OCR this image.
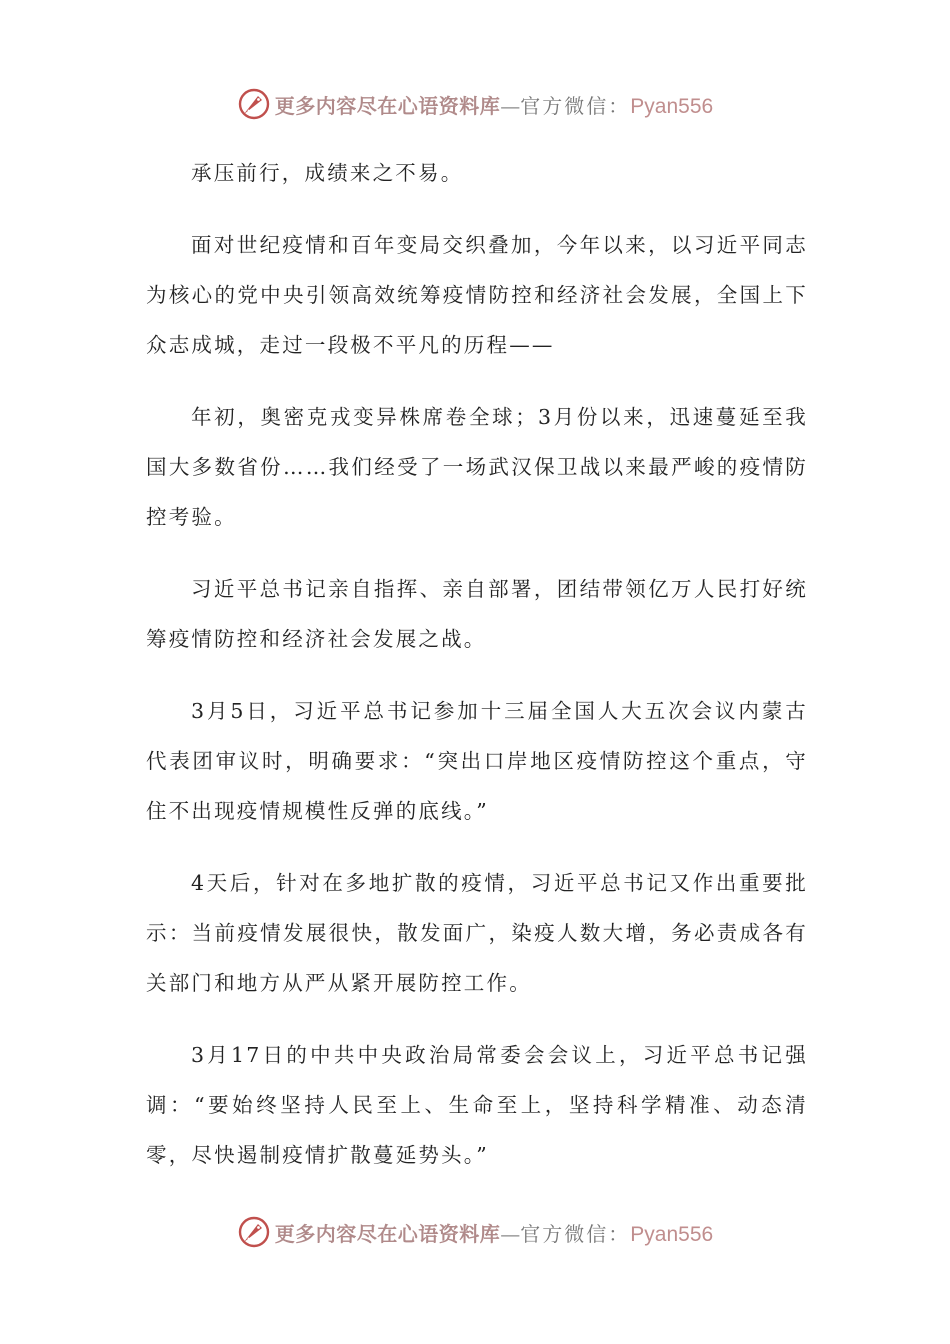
更多内容尽在心语资料库 — 官方微信： Pyan556

承压前行，成绩来之不易。

面对世纪疫情和百年变局交织叠加，今年以来，以习近平同志为核心的党中央引领高效统筹疫情防控和经济社会发展，全国上下众志成城，走过一段极不平凡的历程——

年初，奥密克戎变异株席卷全球；3月份以来，迅速蔓延至我国大多数省份……我们经受了一场武汉保卫战以来最严峻的疫情防控考验。

习近平总书记亲自指挥、亲自部署，团结带领亿万人民打好统筹疫情防控和经济社会发展之战。

3月5日，习近平总书记参加十三届全国人大五次会议内蒙古代表团审议时，明确要求：“突出口岸地区疫情防控这个重点，守住不出现疫情规模性反弹的底线。”

4天后，针对在多地扩散的疫情，习近平总书记又作出重要批示：当前疫情发展很快，散发面广，染疫人数大增，务必责成各有关部门和地方从严从紧开展防控工作。

3月17日的中共中央政治局常委会会议上，习近平总书记强调：“要始终坚持人民至上、生命至上，坚持科学精准、动态清零，尽快遏制疫情扩散蔓延势头。”

更多内容尽在心语资料库 — 官方微信： Pyan556
